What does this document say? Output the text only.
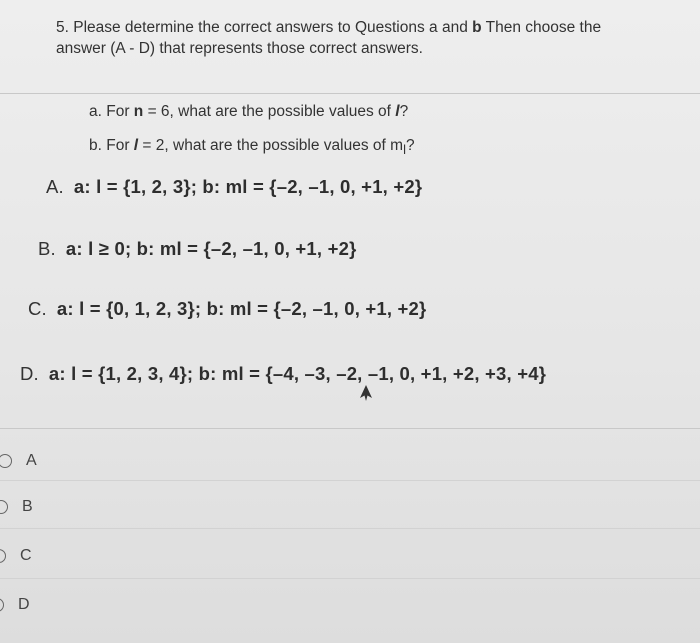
5. Please determine the correct answers to Questions a and b Then choose the answer (A - D) that represents those correct answers.
a. For n = 6, what are the possible values of l?
b. For l = 2, what are the possible values of $m_l$?
A. a: l = {1, 2, 3}; b: ml = {–2, –1, 0, +1, +2}
B. a: l ≥ 0; b: ml = {–2, –1, 0, +1, +2}
C. a: l = {0, 1, 2, 3}; b: ml = {–2, –1, 0, +1, +2}
D. a: l = {1, 2, 3, 4}; b: ml = {–4, –3, –2, –1, 0, +1, +2, +3, +4}
A
B
C
D
